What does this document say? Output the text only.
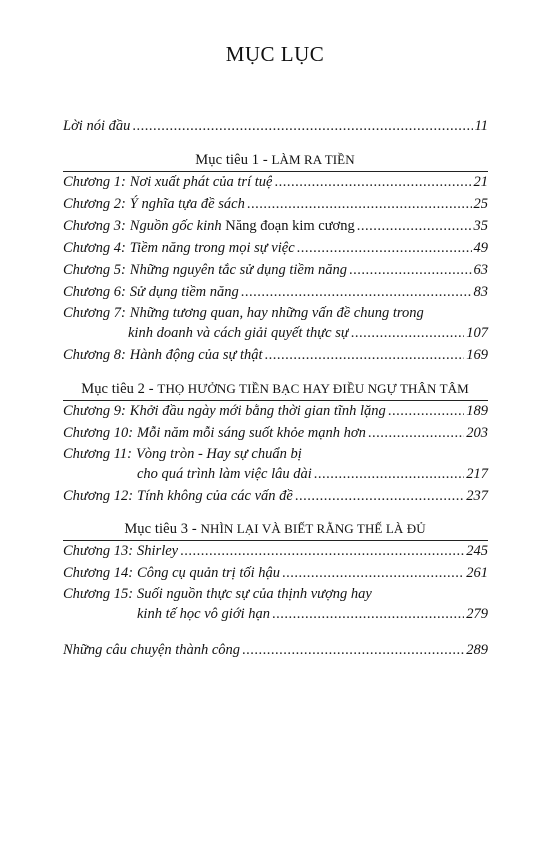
MỤC LỤC
Lời nói đầu .....	11
Mục tiêu 1 - LÀM RA TIỀN
Chương 1: Nơi xuất phát của trí tuệ .....	21
Chương 2: Ý nghĩa tựa đề sách .....	25
Chương 3: Nguồn gốc kinh Năng đoạn kim cương .....	35
Chương 4: Tiềm năng trong mọi sự việc .....	49
Chương 5: Những nguyên tắc sử dụng tiềm năng .....	63
Chương 6: Sử dụng tiềm năng .....	83
Chương 7: Những tương quan, hay những vấn đề chung trong
kinh doanh và cách giải quyết thực sự .....	107
Chương 8: Hành động của sự thật .....	169
Mục tiêu 2 - THỌ HƯỞNG TIỀN BẠC HAY ĐIỀU NGỰ THÂN TÂM
Chương 9: Khởi đầu ngày mới bằng thời gian tĩnh lặng .....	189
Chương 10: Mỗi năm mỗi sáng suốt khỏe mạnh hơn .....	203
Chương 11: Vòng tròn - Hay sự chuẩn bị
cho quá trình làm việc lâu dài .....	217
Chương 12: Tính không của các vấn đề .....	237
Mục tiêu 3 - NHÌN LẠI VÀ BIẾT RẰNG THẾ LÀ ĐỦ
Chương 13: Shirley .....	245
Chương 14: Công cụ quản trị tối hậu .....	261
Chương 15: Suối nguồn thực sự của thịnh vượng hay
kinh tế học vô giới hạn .....	279
Những câu chuyện thành công .....	289
